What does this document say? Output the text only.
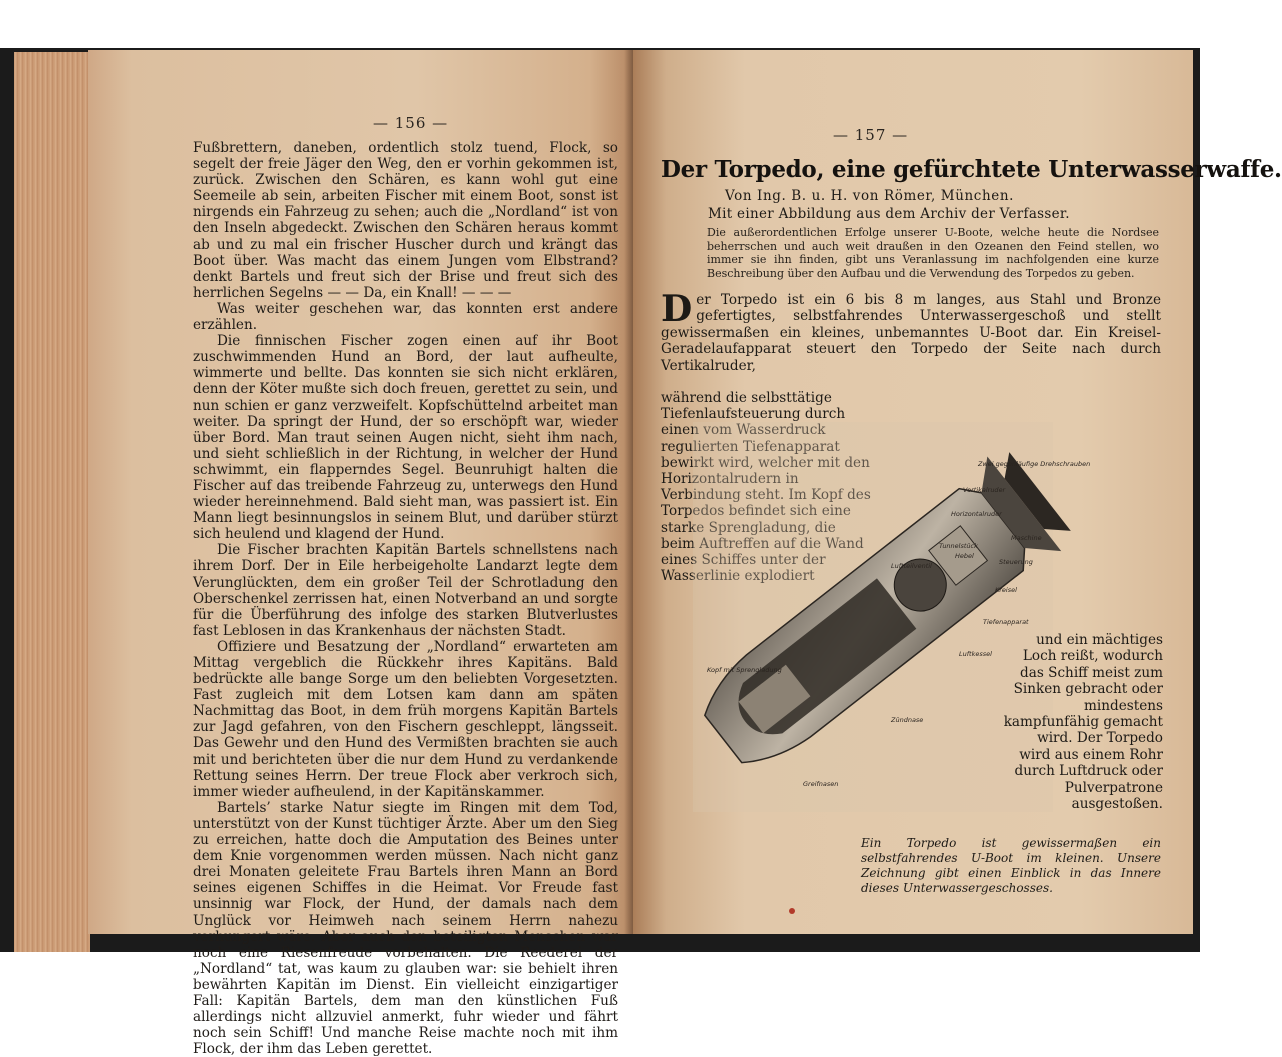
— 156 —

Fußbrettern, daneben, ordentlich stolz tuend, Flock, so segelt der freie Jäger den Weg, den er vorhin gekommen ist, zurück. Zwischen den Schären, es kann wohl gut eine Seemeile ab sein, arbeiten Fischer mit einem Boot, sonst ist nirgends ein Fahrzeug zu sehen; auch die „Nordland“ ist von den Inseln abgedeckt. Zwischen den Schären heraus kommt ab und zu mal ein frischer Huscher durch und krängt das Boot über. Was macht das einem Jungen vom Elbstrand? denkt Bartels und freut sich der Brise und freut sich des herrlichen Segelns — — Da, ein Knall! — — —

Was weiter geschehen war, das konnten erst andere erzählen.

Die finnischen Fischer zogen einen auf ihr Boot zuschwimmenden Hund an Bord, der laut aufheulte, wimmerte und bellte. Das konnten sie sich nicht erklären, denn der Köter mußte sich doch freuen, gerettet zu sein, und nun schien er ganz verzweifelt. Kopfschüttelnd arbeitet man weiter. Da springt der Hund, der so erschöpft war, wieder über Bord. Man traut seinen Augen nicht, sieht ihm nach, und sieht schließlich in der Richtung, in welcher der Hund schwimmt, ein flapperndes Segel. Beunruhigt halten die Fischer auf das treibende Fahrzeug zu, unterwegs den Hund wieder hereinnehmend. Bald sieht man, was passiert ist. Ein Mann liegt besinnungslos in seinem Blut, und darüber stürzt sich heulend und klagend der Hund.

Die Fischer brachten Kapitän Bartels schnellstens nach ihrem Dorf. Der in Eile herbeigeholte Landarzt legte dem Verunglückten, dem ein großer Teil der Schrotladung den Oberschenkel zerrissen hat, einen Notverband an und sorgte für die Überführung des infolge des starken Blutverlustes fast Leblosen in das Krankenhaus der nächsten Stadt.

Offiziere und Besatzung der „Nordland“ erwarteten am Mittag vergeblich die Rückkehr ihres Kapitäns. Bald bedrückte alle bange Sorge um den beliebten Vorgesetzten. Fast zugleich mit dem Lotsen kam dann am späten Nachmittag das Boot, in dem früh morgens Kapitän Bartels zur Jagd gefahren, von den Fischern geschleppt, längsseit. Das Gewehr und den Hund des Vermißten brachten sie auch mit und berichteten über die nur dem Hund zu verdankende Rettung seines Herrn. Der treue Flock aber verkroch sich, immer wieder aufheulend, in der Kapitänskammer.

Bartels’ starke Natur siegte im Ringen mit dem Tod, unterstützt von der Kunst tüchtiger Ärzte. Aber um den Sieg zu erreichen, hatte doch die Amputation des Beines unter dem Knie vorgenommen werden müssen. Nach nicht ganz drei Monaten geleitete Frau Bartels ihren Mann an Bord seines eigenen Schiffes in die Heimat. Vor Freude fast unsinnig war Flock, der Hund, der damals nach dem Unglück vor Heimweh nach seinem Herrn nahezu verhungert wäre. Aber auch den beteiligten Menschen war noch eine Riesenfreude vorbehalten. Die Reederei der „Nordland“ tat, was kaum zu glauben war: sie behielt ihren bewährten Kapitän im Dienst. Ein vielleicht einzigartiger Fall: Kapitän Bartels, dem man den künstlichen Fuß allerdings nicht allzuviel anmerkt, fuhr wieder und fährt noch sein Schiff! Und manche Reise machte noch mit ihm Flock, der ihm das Leben gerettet.

— 157 —
Der Torpedo, eine gefürchtete Unterwasserwaffe.
Von Ing. B. u. H. von Römer, München.
Mit einer Abbildung aus dem Archiv der Verfasser.
Die außerordentlichen Erfolge unserer U-Boote, welche heute die Nordsee beherrschen und auch weit draußen in den Ozeanen den Feind stellen, wo immer sie ihn finden, gibt uns Veranlassung im nachfolgenden eine kurze Beschreibung über den Aufbau und die Verwendung des Torpedos zu geben.
Der Torpedo ist ein 6 bis 8 m langes, aus Stahl und Bronze gefertigtes, selbstfahrendes Unterwassergeschoß und stellt gewissermaßen ein kleines, unbemanntes U-Boot dar. Ein Kreisel-Geradelaufapparat steuert den Torpedo der Seite nach durch Vertikalruder,
während die selbsttätige Tiefenlaufsteuerung durch einen vom Wasserdruck regulierten Tiefenapparat bewirkt wird, welcher mit den Horizontalrudern in Verbindung steht. Im Kopf des Torpedos befindet sich eine starke Sprengladung, die beim Auftreffen auf die Wand eines Schiffes unter der Wasserlinie explodiert
Zwei gegenläufige Drehschrauben
Vertikalruder
Horizontalruder
Tunnelstück
Hebel
Luftteilventil
Maschine
Steuerung
Kreisel
Tiefenapparat
Luftkessel
Kopf mit Sprengladung
Zündnase
Greifnasen
und ein mächtiges Loch reißt, wodurch das Schiff meist zum Sinken gebracht oder mindestens kampfunfähig gemacht wird. Der Torpedo wird aus einem Rohr durch Luftdruck oder Pulverpatrone ausgestoßen.
Ein Torpedo ist gewissermaßen ein selbstfahrendes U-Boot im kleinen. Unsere Zeichnung gibt einen Einblick in das Innere dieses Unterwassergeschosses.
